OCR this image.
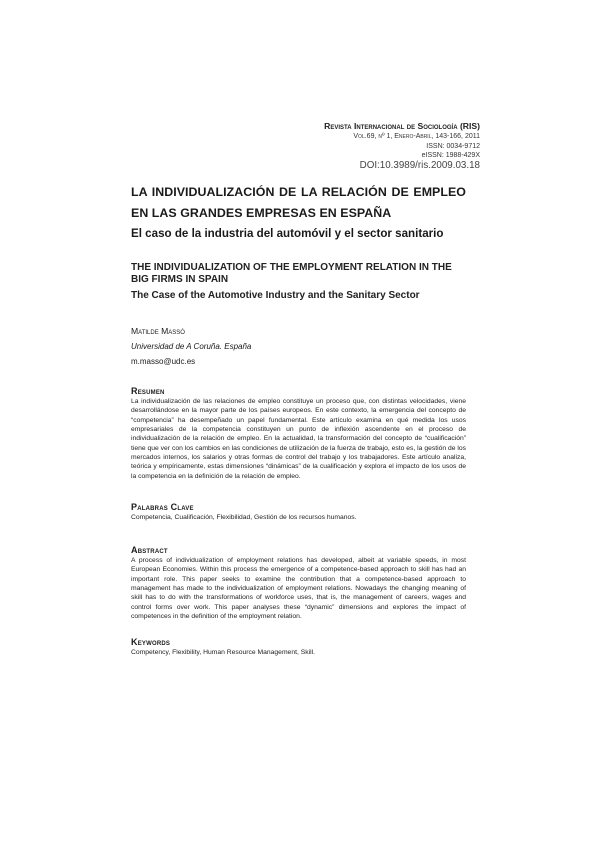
Revista Internacional de Sociología (RIS)
Vol.69, nº 1, Enero-Abril, 143-166, 2011
ISSN: 0034-9712
eISSN: 1988-429X
DOI:10.3989/ris.2009.03.18
LA INDIVIDUALIZACIÓN DE LA RELACIÓN DE EMPLEO EN LAS GRANDES EMPRESAS EN ESPAÑA
El caso de la industria del automóvil y el sector sanitario
THE INDIVIDUALIZATION OF THE EMPLOYMENT RELATION IN THE BIG FIRMS IN SPAIN
The Case of the Automotive Industry and the Sanitary Sector
Matilde Massó
Universidad de A Coruña. España
m.masso@udc.es
Resumen

La individualización de las relaciones de empleo constituye un proceso que, con distintas velocidades, viene desarrollándose en la mayor parte de los países europeos. En este contexto, la emergencia del concepto de “competencia” ha desempeñado un papel fundamental. Este artículo examina en qué medida los usos empresariales de la competencia constituyen un punto de inflexión ascendente en el proceso de individualización de la relación de empleo. En la actualidad, la transformación del concepto de “cualificación” tiene que ver con los cambios en las condiciones de utilización de la fuerza de trabajo, esto es, la gestión de los mercados internos, los salarios y otras formas de control del trabajo y los trabajadores. Este artículo analiza, teórica y empíricamente, estas dimensiones “dinámicas” de la cualificación y explora el impacto de los usos de la competencia en la definición de la relación de empleo.

Palabras Clave

Competencia, Cualificación, Flexibilidad, Gestión de los recursos humanos.

Abstract

A process of individualization of employment relations has developed, albeit at variable speeds, in most European Economies. Within this process the emergence of a competence-based approach to skill has had an important role. This paper seeks to examine the contribution that a competence-based approach to management has made to the individualization of employment relations. Nowadays the changing meaning of skill has to do with the transformations of workforce uses, that is, the management of careers, wages and control forms over work. This paper analyses these “dynamic” dimensions and explores the impact of competences in the definition of the employment relation.

Keywords

Competency, Flexibility, Human Resource Management, Skill.
